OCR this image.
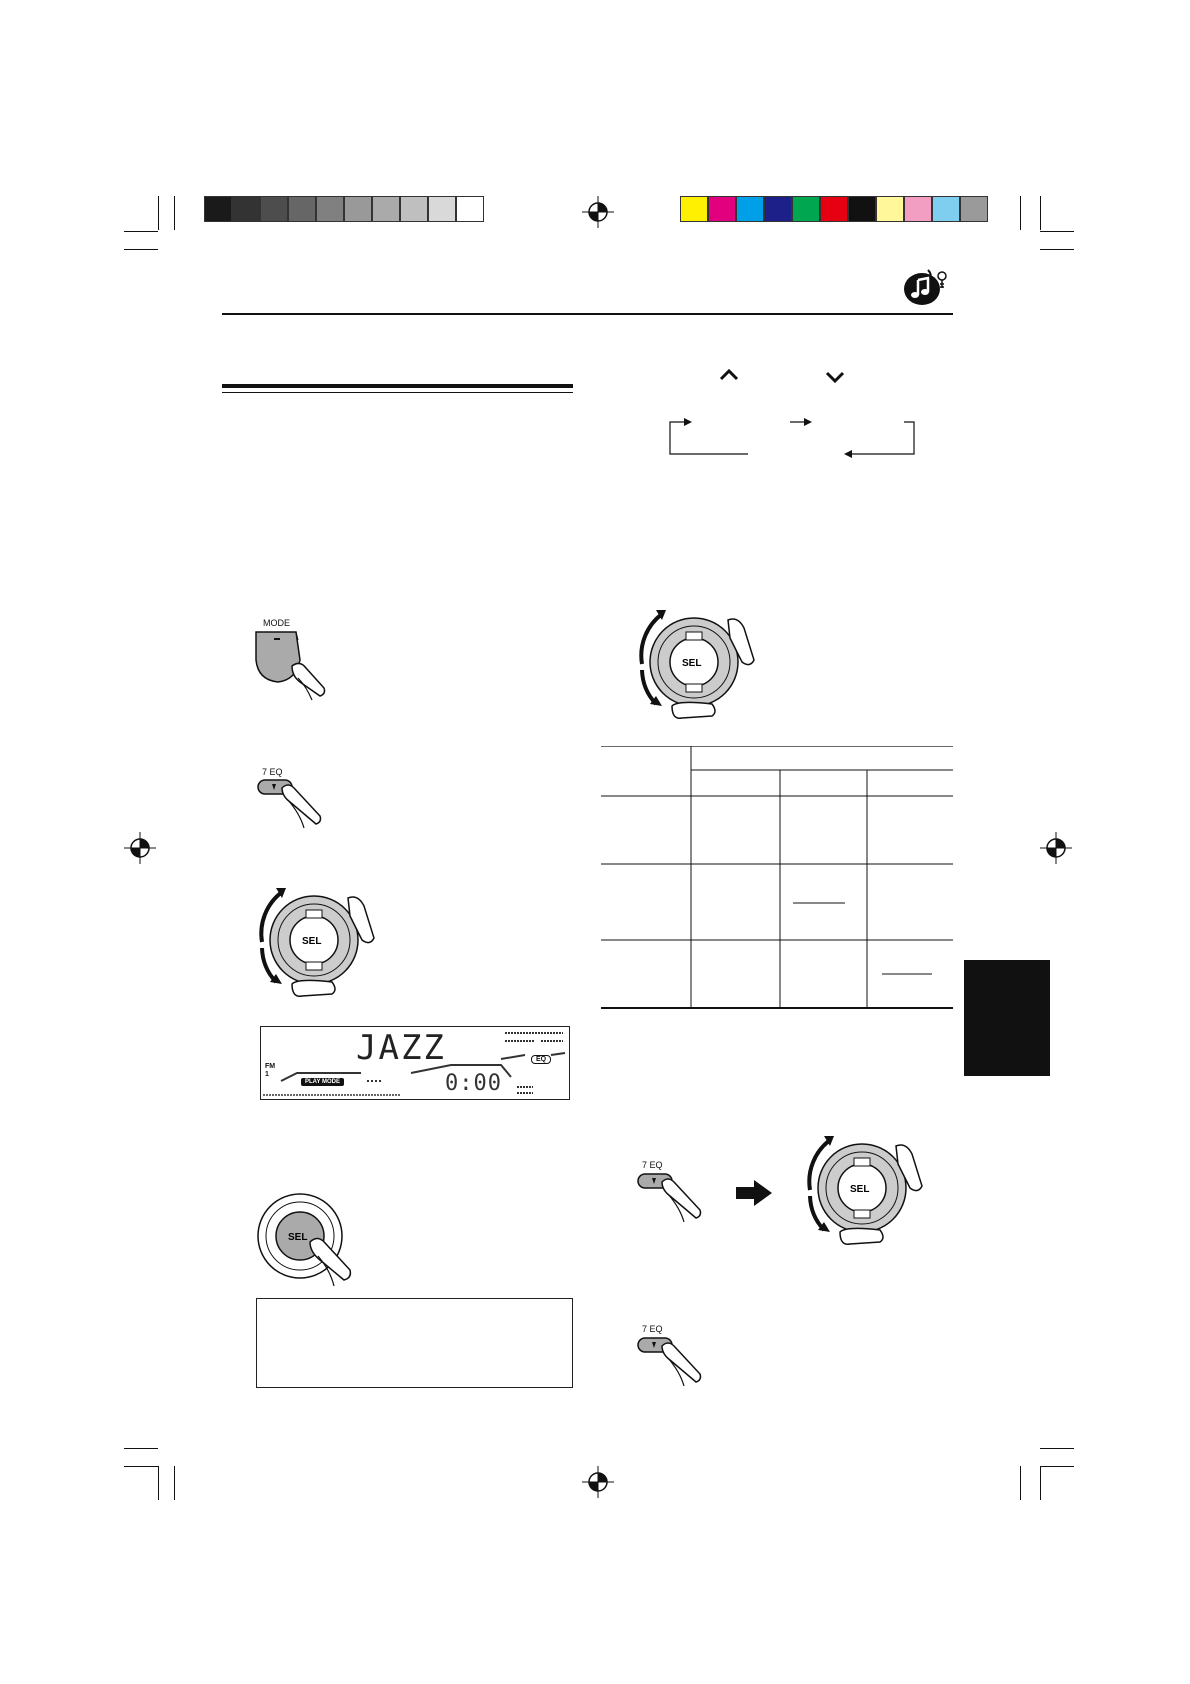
MODE
7 EQ
SEL
JAZZ
FM
1
PLAY MODE
EQ
0:00
SEL
SEL
7 EQ
SEL
7 EQ
